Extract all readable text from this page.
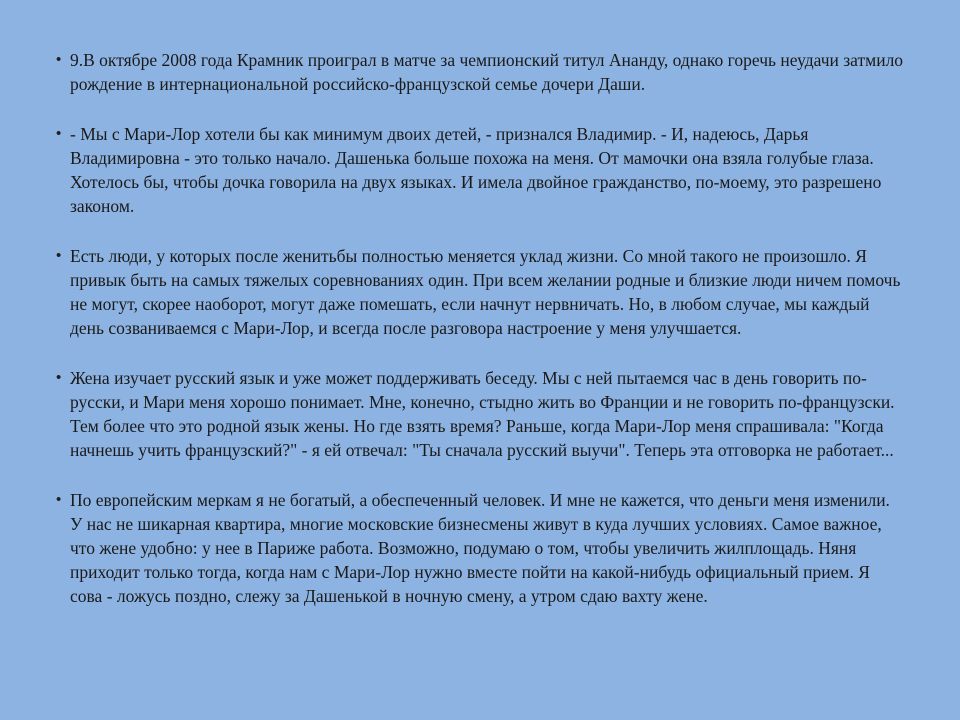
• 9.В октябре 2008 года Крамник проиграл в матче за чемпионский титул Ананду, однако горечь неудачи затмило рождение в интернациональной российско-французской семье дочери Даши.

• - Мы с Мари-Лор хотели бы как минимум двоих детей, - признался Владимир. - И, надеюсь, Дарья Владимировна - это только начало. Дашенька больше похожа на меня. От мамочки она взяла голубые глаза. Хотелось бы, чтобы дочка говорила на двух языках. И имела двойное гражданство, по-моему, это разрешено законом.

• Есть люди, у которых после женитьбы полностью меняется уклад жизни. Со мной такого не произошло. Я привык быть на самых тяжелых соревнованиях один. При всем желании родные и близкие люди ничем помочь не могут, скорее наоборот, могут даже помешать, если начнут нервничать. Но, в любом случае, мы каждый день созваниваемся с Мари-Лор, и всегда после разговора настроение у меня улучшается.

• Жена изучает русский язык и уже может поддерживать беседу. Мы с ней пытаемся час в день говорить по-русски, и Мари меня хорошо понимает. Мне, конечно, стыдно жить во Франции и не говорить по-французски. Тем более что это родной язык жены. Но где взять время? Раньше, когда Мари-Лор меня спрашивала: "Когда начнешь учить французский?" - я ей отвечал: "Ты сначала русский выучи". Теперь эта отговорка не работает...

• По европейским меркам я не богатый, а обеспеченный человек. И мне не кажется, что деньги меня изменили. У нас не шикарная квартира, многие московские бизнесмены живут в куда лучших условиях. Самое важное, что жене удобно: у нее в Париже работа. Возможно, подумаю о том, чтобы увеличить жилплощадь. Няня приходит только тогда, когда нам с Мари-Лор нужно вместе пойти на какой-нибудь официальный прием. Я сова - ложусь поздно, слежу за Дашенькой в ночную смену, а утром сдаю вахту жене.
